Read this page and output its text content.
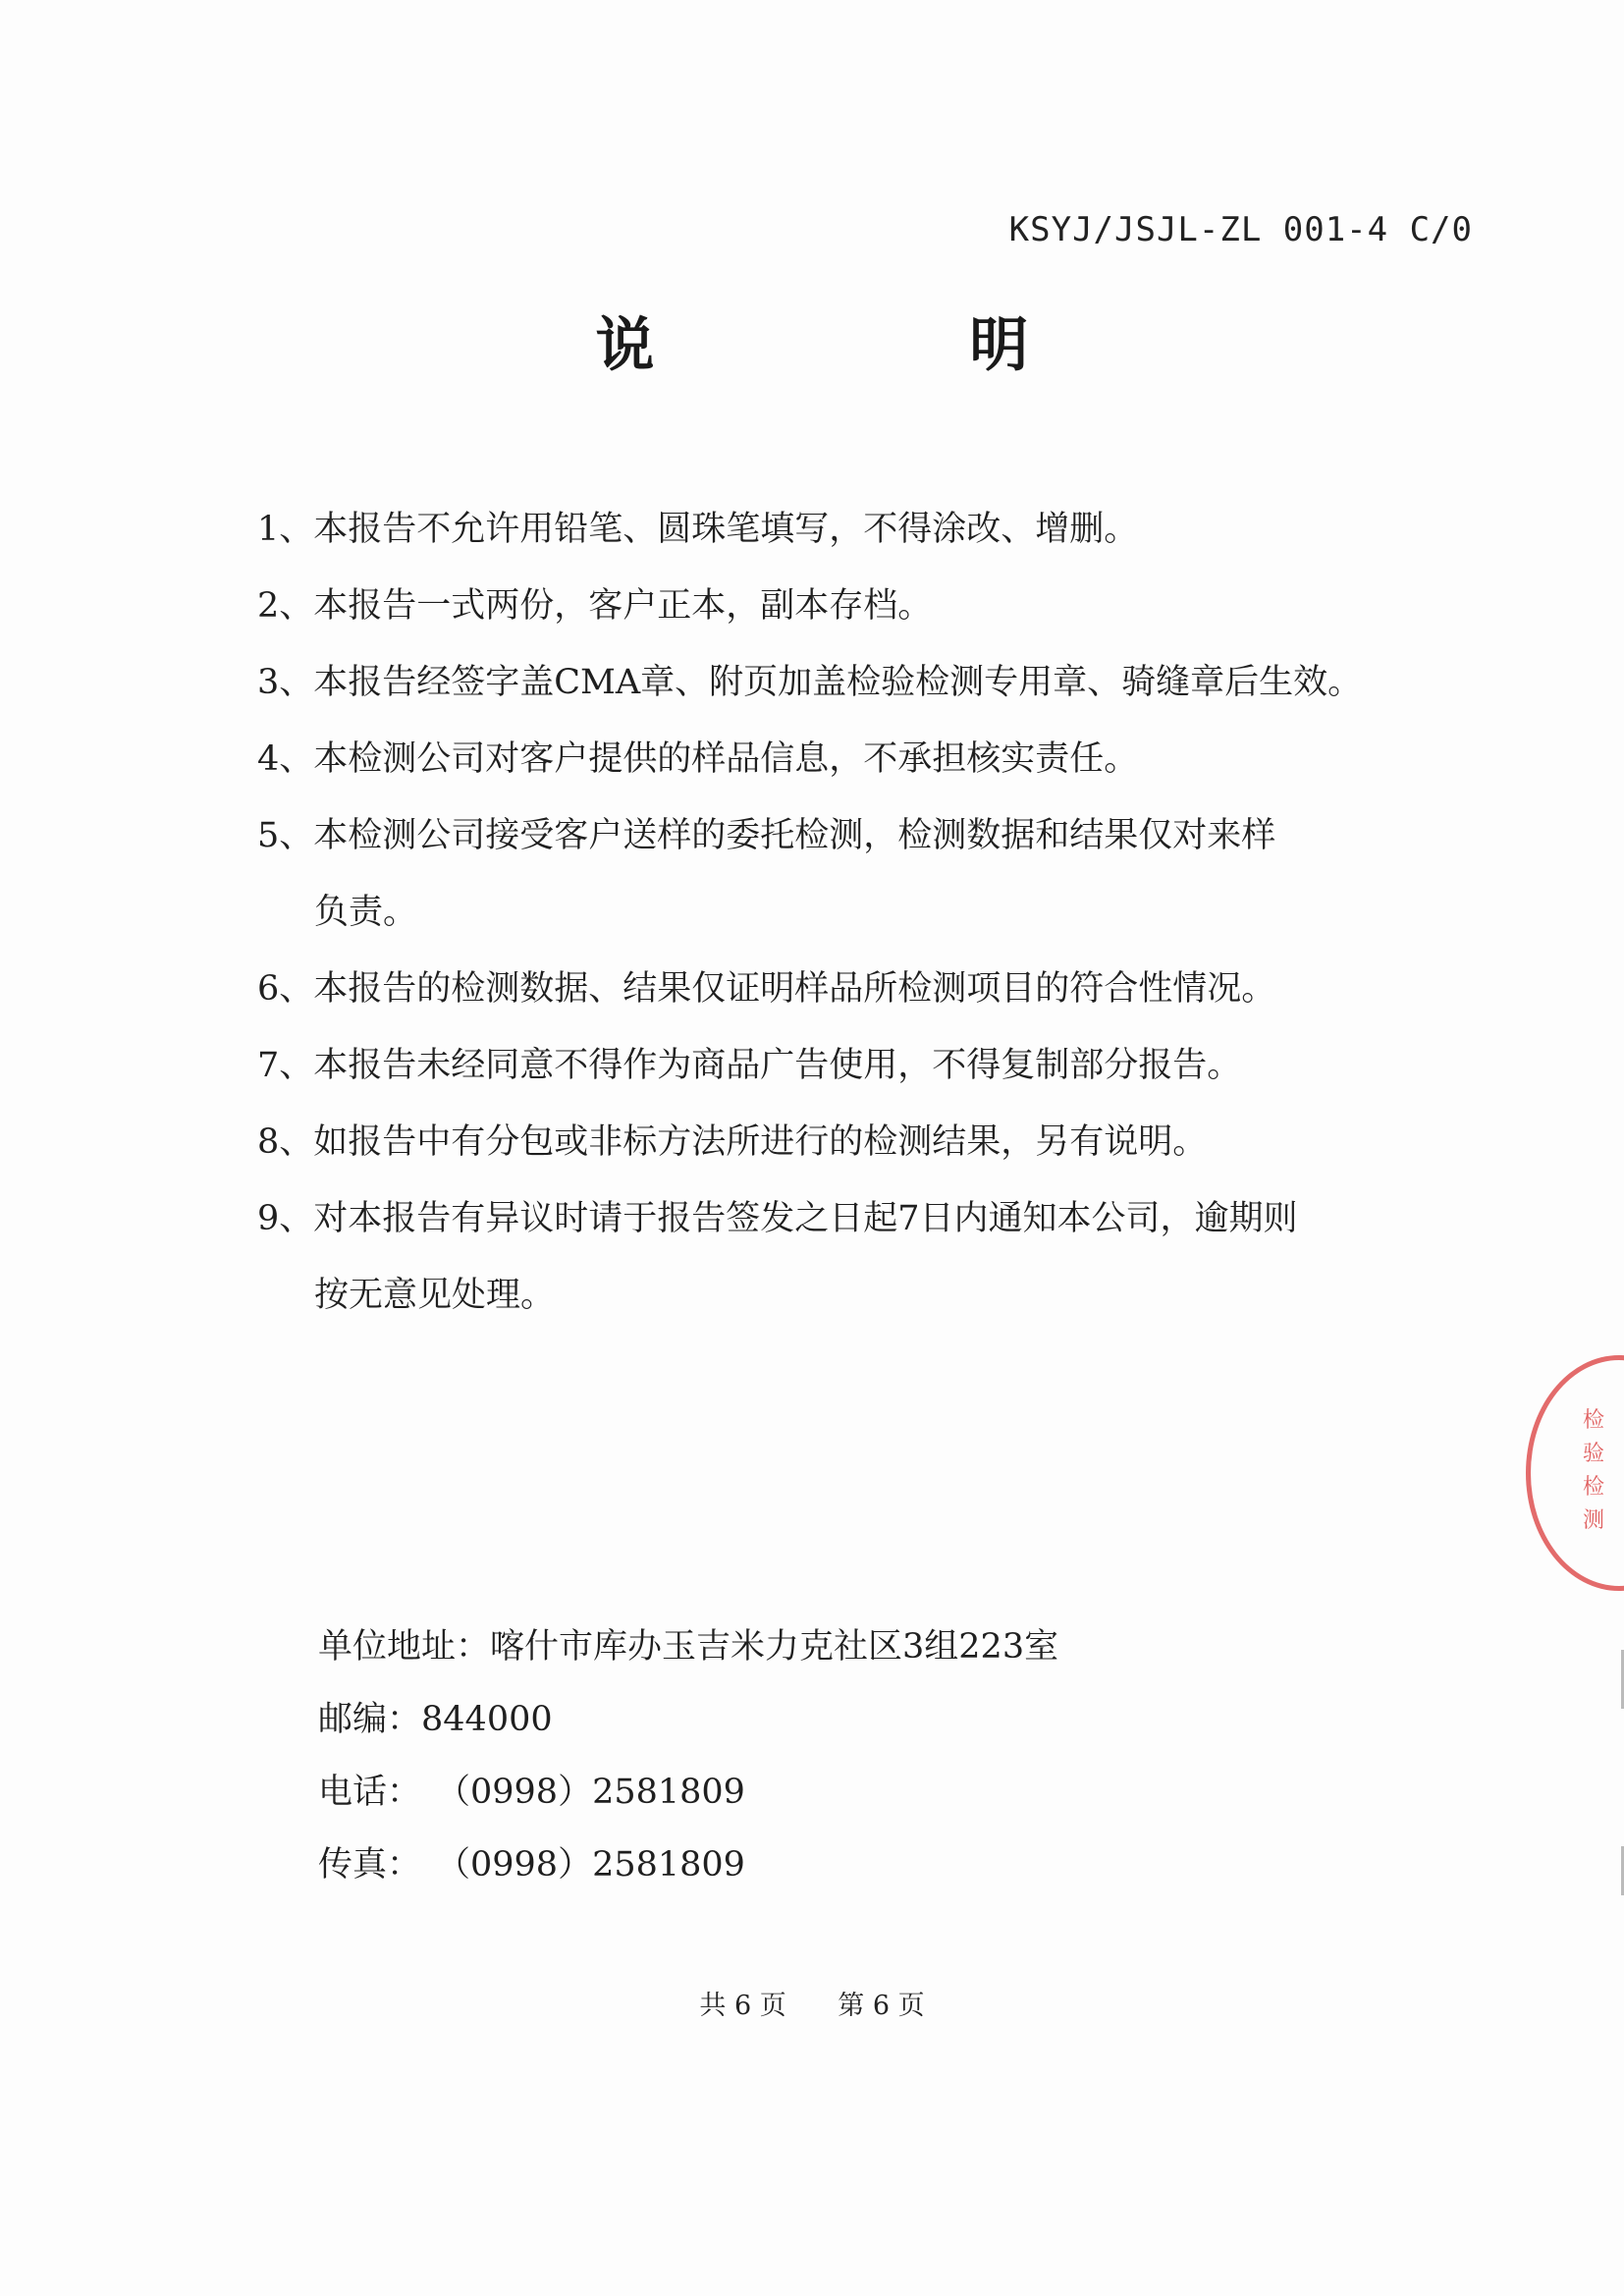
KSYJ/JSJL-ZL 001-4 C/0
说 明
1、本报告不允许用铅笔、圆珠笔填写，不得涂改、增删。
2、本报告一式两份，客户正本，副本存档。
3、本报告经签字盖CMA章、附页加盖检验检测专用章、骑缝章后生效。
4、本检测公司对客户提供的样品信息，不承担核实责任。
5、本检测公司接受客户送样的委托检测，检测数据和结果仅对来样
负责。
6、本报告的检测数据、结果仅证明样品所检测项目的符合性情况。
7、本报告未经同意不得作为商品广告使用，不得复制部分报告。
8、如报告中有分包或非标方法所进行的检测结果，另有说明。
9、对本报告有异议时请于报告签发之日起7日内通知本公司，逾期则
按无意见处理。
单位地址：喀什市库办玉吉米力克社区3组223室
邮编：844000
电话： （0998）2581809
传真： （0998）2581809
共 6 页 第 6 页
检验检测
